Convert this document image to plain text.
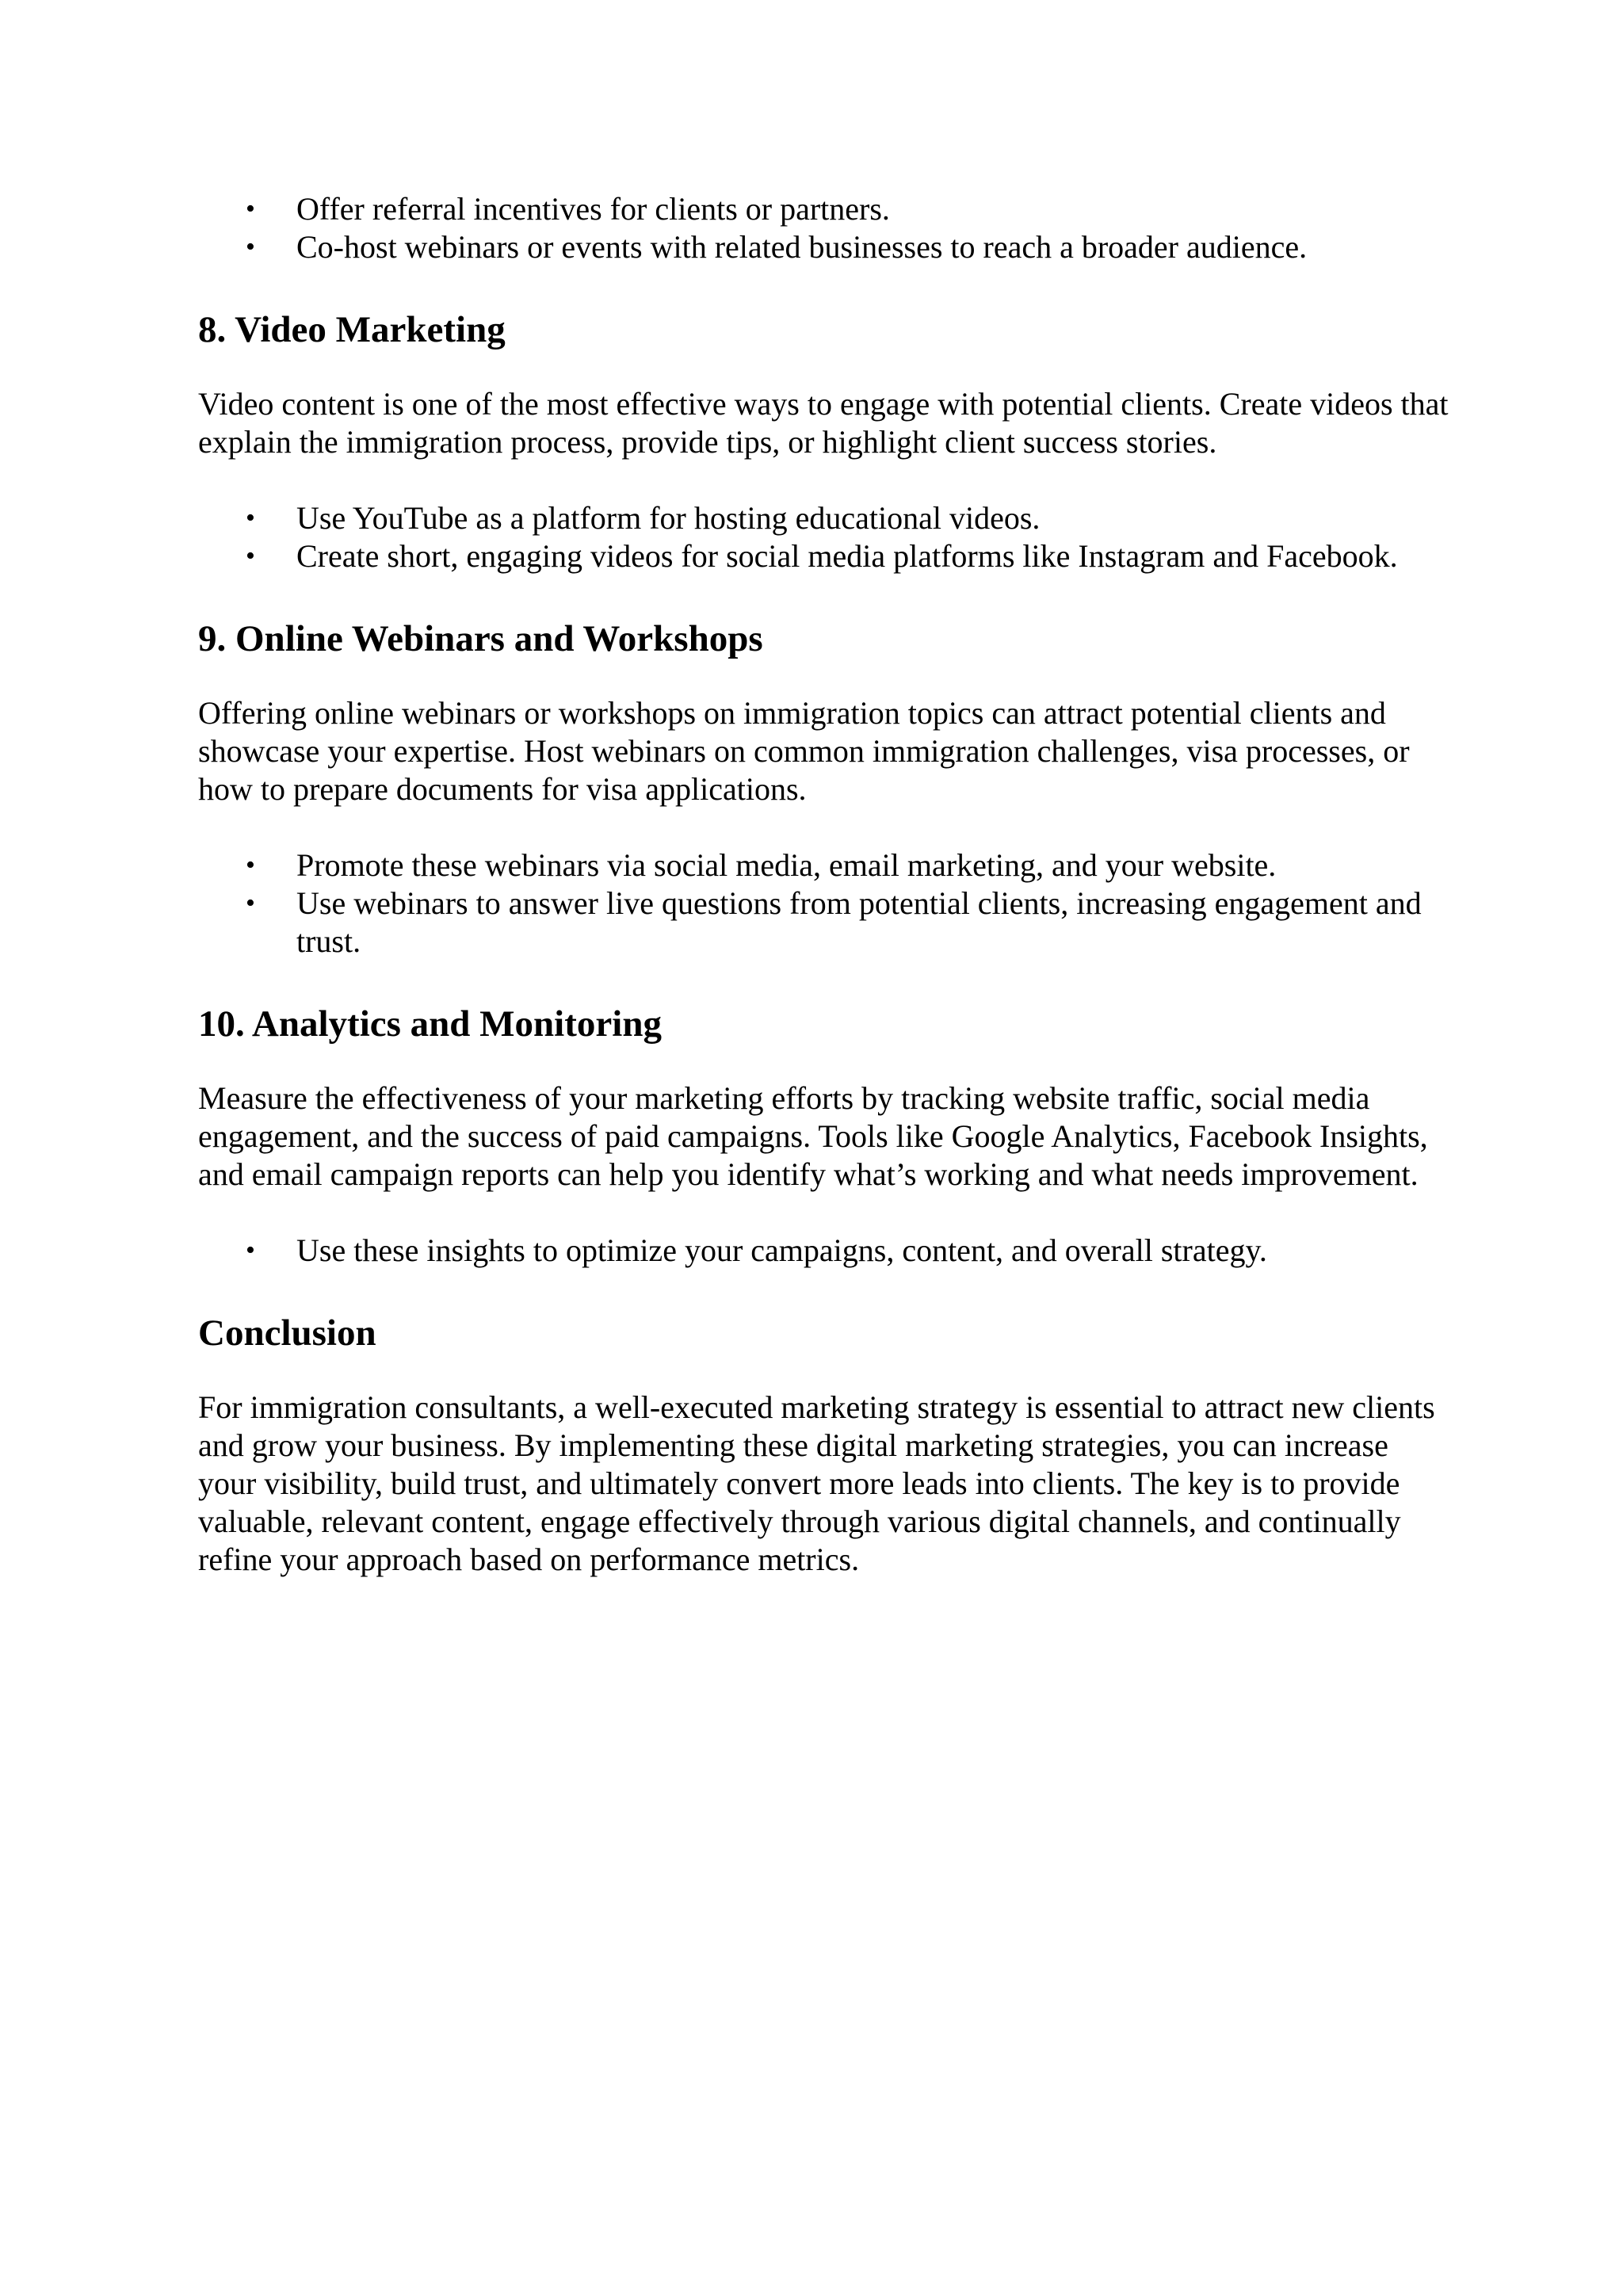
• Offer referral incentives for clients or partners.
• Co-host webinars or events with related businesses to reach a broader audience.
8. Video Marketing

Video content is one of the most effective ways to engage with potential clients. Create videos that explain the immigration process, provide tips, or highlight client success stories.

• Use YouTube as a platform for hosting educational videos.
• Create short, engaging videos for social media platforms like Instagram and Facebook.
9. Online Webinars and Workshops

Offering online webinars or workshops on immigration topics can attract potential clients and showcase your expertise. Host webinars on common immigration challenges, visa processes, or how to prepare documents for visa applications.

• Promote these webinars via social media, email marketing, and your website.
• Use webinars to answer live questions from potential clients, increasing engagement and trust.
10. Analytics and Monitoring

Measure the effectiveness of your marketing efforts by tracking website traffic, social media engagement, and the success of paid campaigns. Tools like Google Analytics, Facebook Insights, and email campaign reports can help you identify what’s working and what needs improvement.

• Use these insights to optimize your campaigns, content, and overall strategy.
Conclusion

For immigration consultants, a well-executed marketing strategy is essential to attract new clients and grow your business. By implementing these digital marketing strategies, you can increase your visibility, build trust, and ultimately convert more leads into clients. The key is to provide valuable, relevant content, engage effectively through various digital channels, and continually refine your approach based on performance metrics.
